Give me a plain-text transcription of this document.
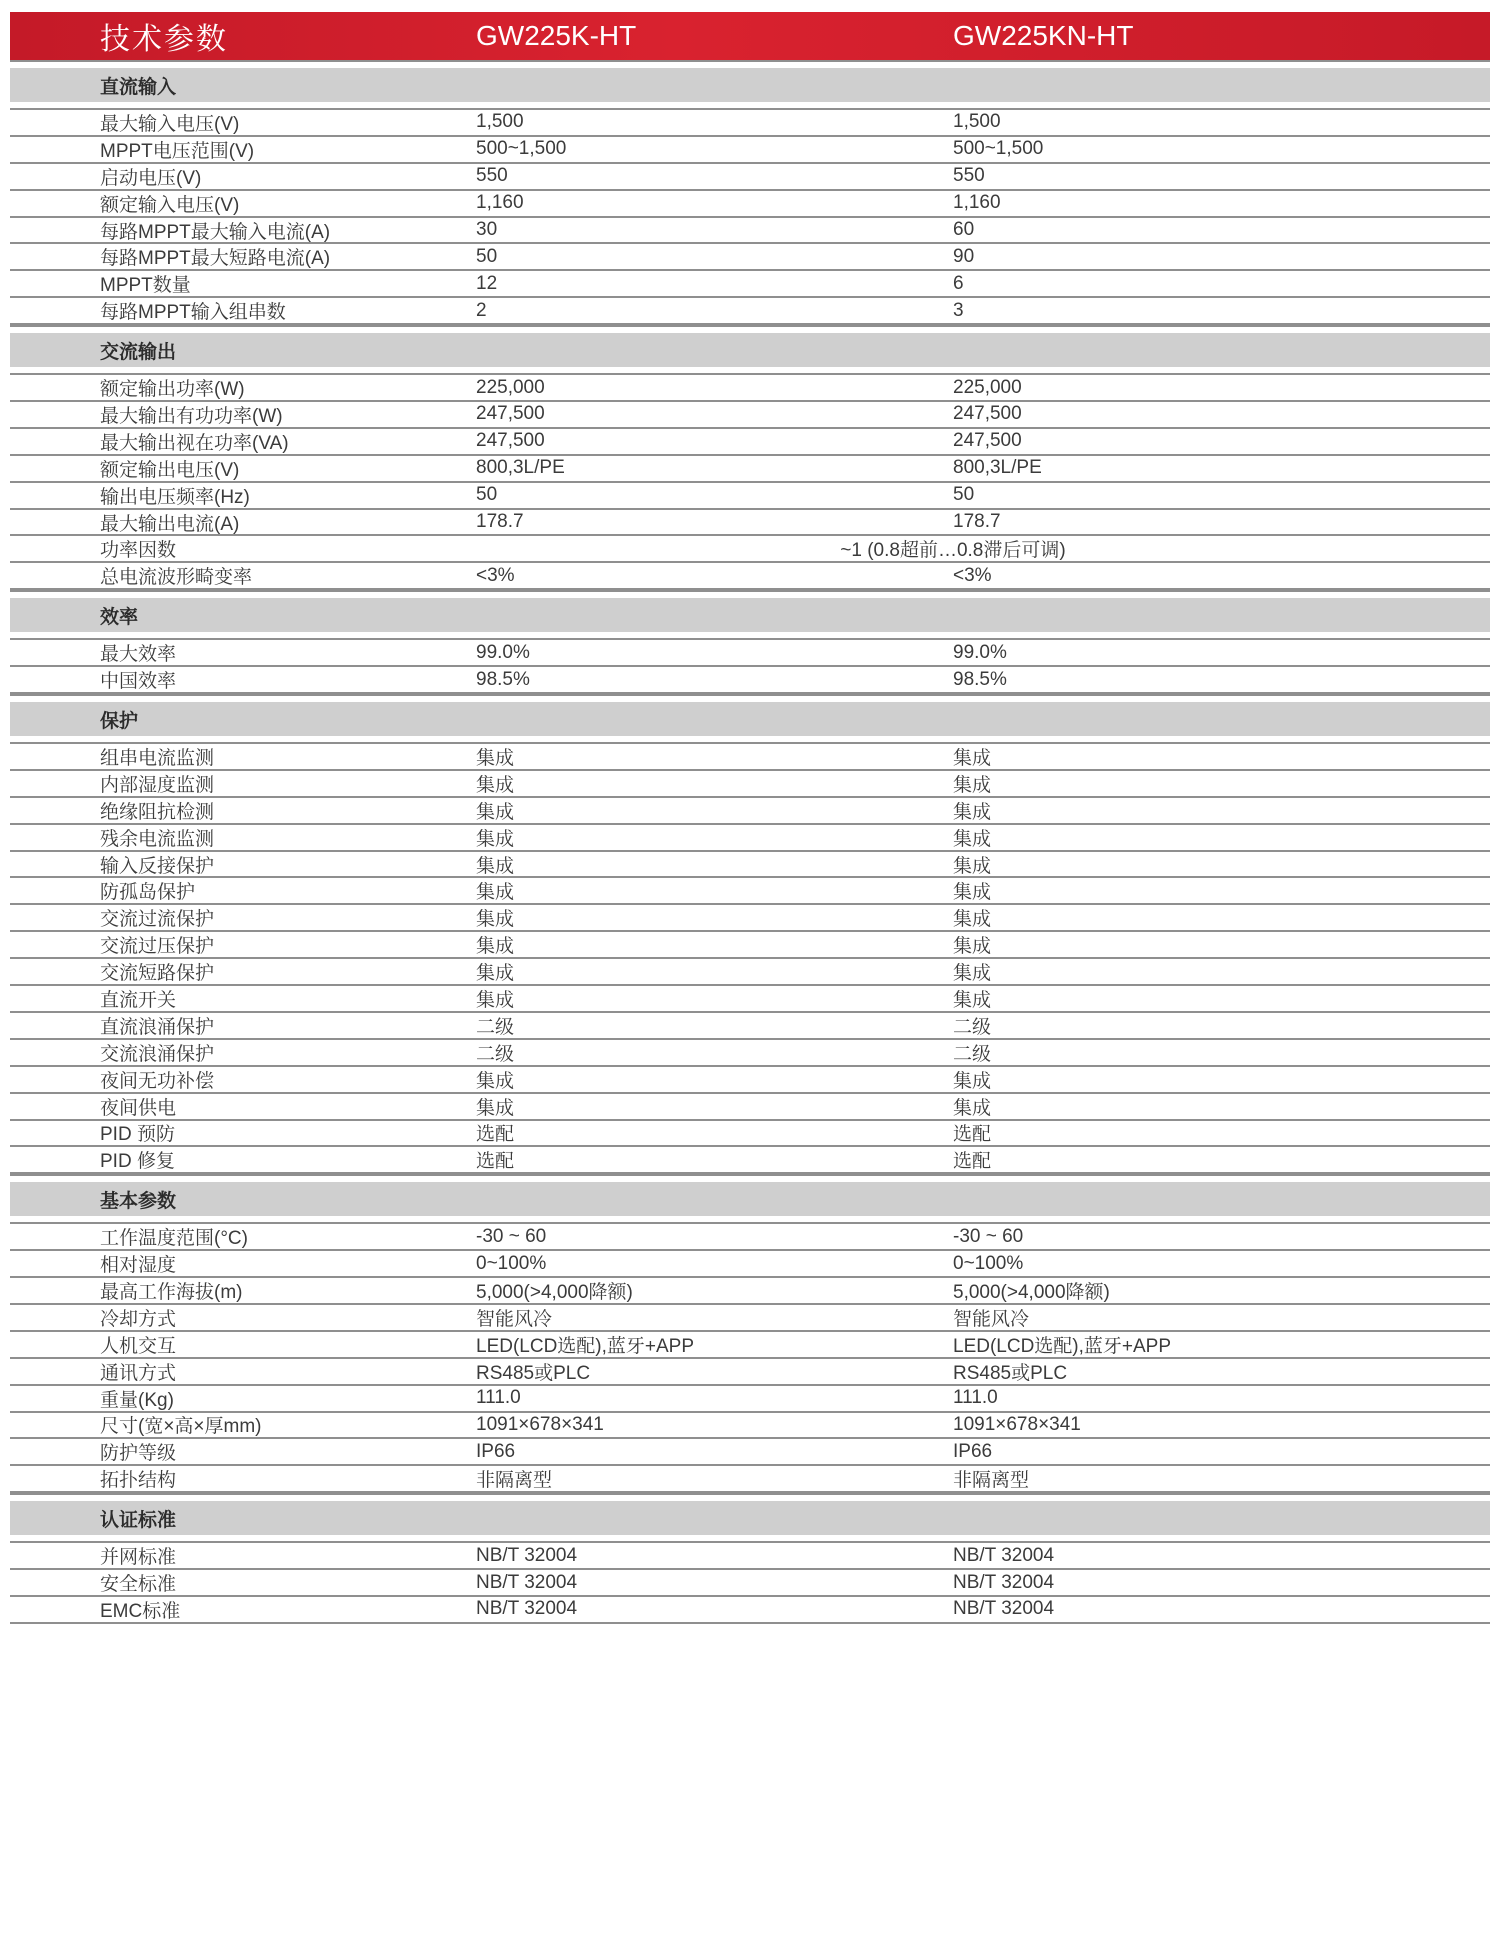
技术参数	GW225K-HT	GW225KN-HT
直流输入
最大输入电压(V)	1,500	1,500
MPPT电压范围(V)	500~1,500	500~1,500
启动电压(V)	550	550
额定输入电压(V)	1,160	1,160
每路MPPT最大输入电流(A)	30	60
每路MPPT最大短路电流(A)	50	90
MPPT数量	12	6
每路MPPT输入组串数	2	3
交流输出
额定输出功率(W)	225,000	225,000
最大输出有功功率(W)	247,500	247,500
最大输出视在功率(VA)	247,500	247,500
额定输出电压(V)	800,3L/PE	800,3L/PE
输出电压频率(Hz)	50	50
最大输出电流(A)	178.7	178.7
功率因数	~1 (0.8超前…0.8滞后可调)
总电流波形畸变率	<3%	<3%
效率
最大效率	99.0%	99.0%
中国效率	98.5%	98.5%
保护
组串电流监测	集成	集成
内部湿度监测	集成	集成
绝缘阻抗检测	集成	集成
残余电流监测	集成	集成
输入反接保护	集成	集成
防孤岛保护	集成	集成
交流过流保护	集成	集成
交流过压保护	集成	集成
交流短路保护	集成	集成
直流开关	集成	集成
直流浪涌保护	二级	二级
交流浪涌保护	二级	二级
夜间无功补偿	集成	集成
夜间供电	集成	集成
PID 预防	选配	选配
PID 修复	选配	选配
基本参数
工作温度范围(°C)	-30 ~ 60	-30 ~ 60
相对湿度	0~100%	0~100%
最高工作海拔(m)	5,000(>4,000降额)	5,000(>4,000降额)
冷却方式	智能风冷	智能风冷
人机交互	LED(LCD选配),蓝牙+APP	LED(LCD选配),蓝牙+APP
通讯方式	RS485或PLC	RS485或PLC
重量(Kg)	111.0	111.0
尺寸(宽×高×厚mm)	1091×678×341	1091×678×341
防护等级	IP66	IP66
拓扑结构	非隔离型	非隔离型
认证标准
并网标准	NB/T 32004	NB/T 32004
安全标准	NB/T 32004	NB/T 32004
EMC标准	NB/T 32004	NB/T 32004
